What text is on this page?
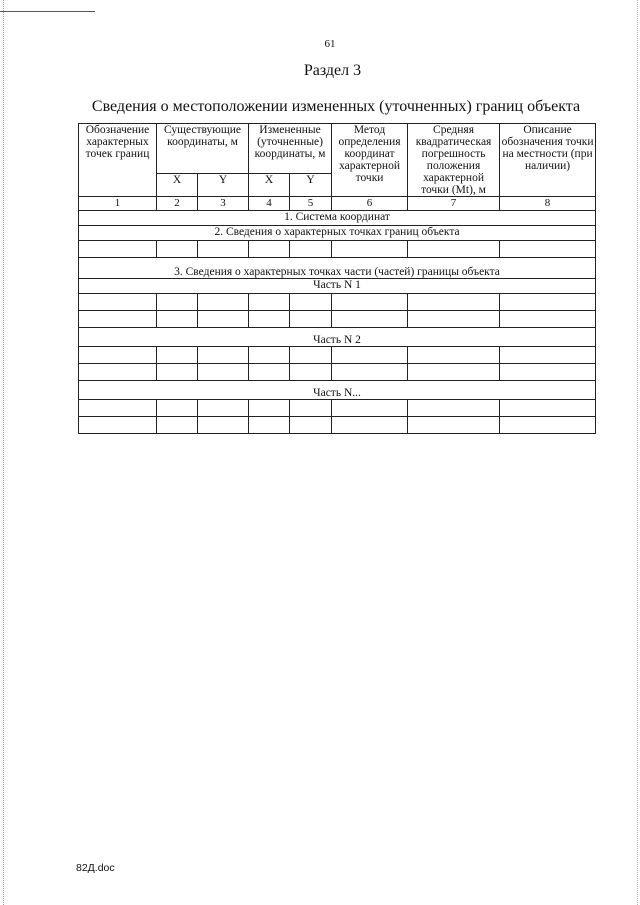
61
Раздел 3
Сведения о местоположении измененных (уточненных) границ объекта
Обозначение характерных точек границ	Существующие координаты, м		Измененные (уточненные) координаты, м		Метод определения координат характерной точки	Средняя квадратическая погрешность положения характерной точки (Mt), м	Описание обозначения точки на местности (при наличии)
	X	Y	X	Y			
1	2	3	4	5	6	7	8
1. Система координат							
2. Сведения о характерных точках границ объекта							

3. Сведения о характерных точках части (частей) границы объекта							
Часть N 1							

Часть N 2							

Часть N...							

82Д.doc
